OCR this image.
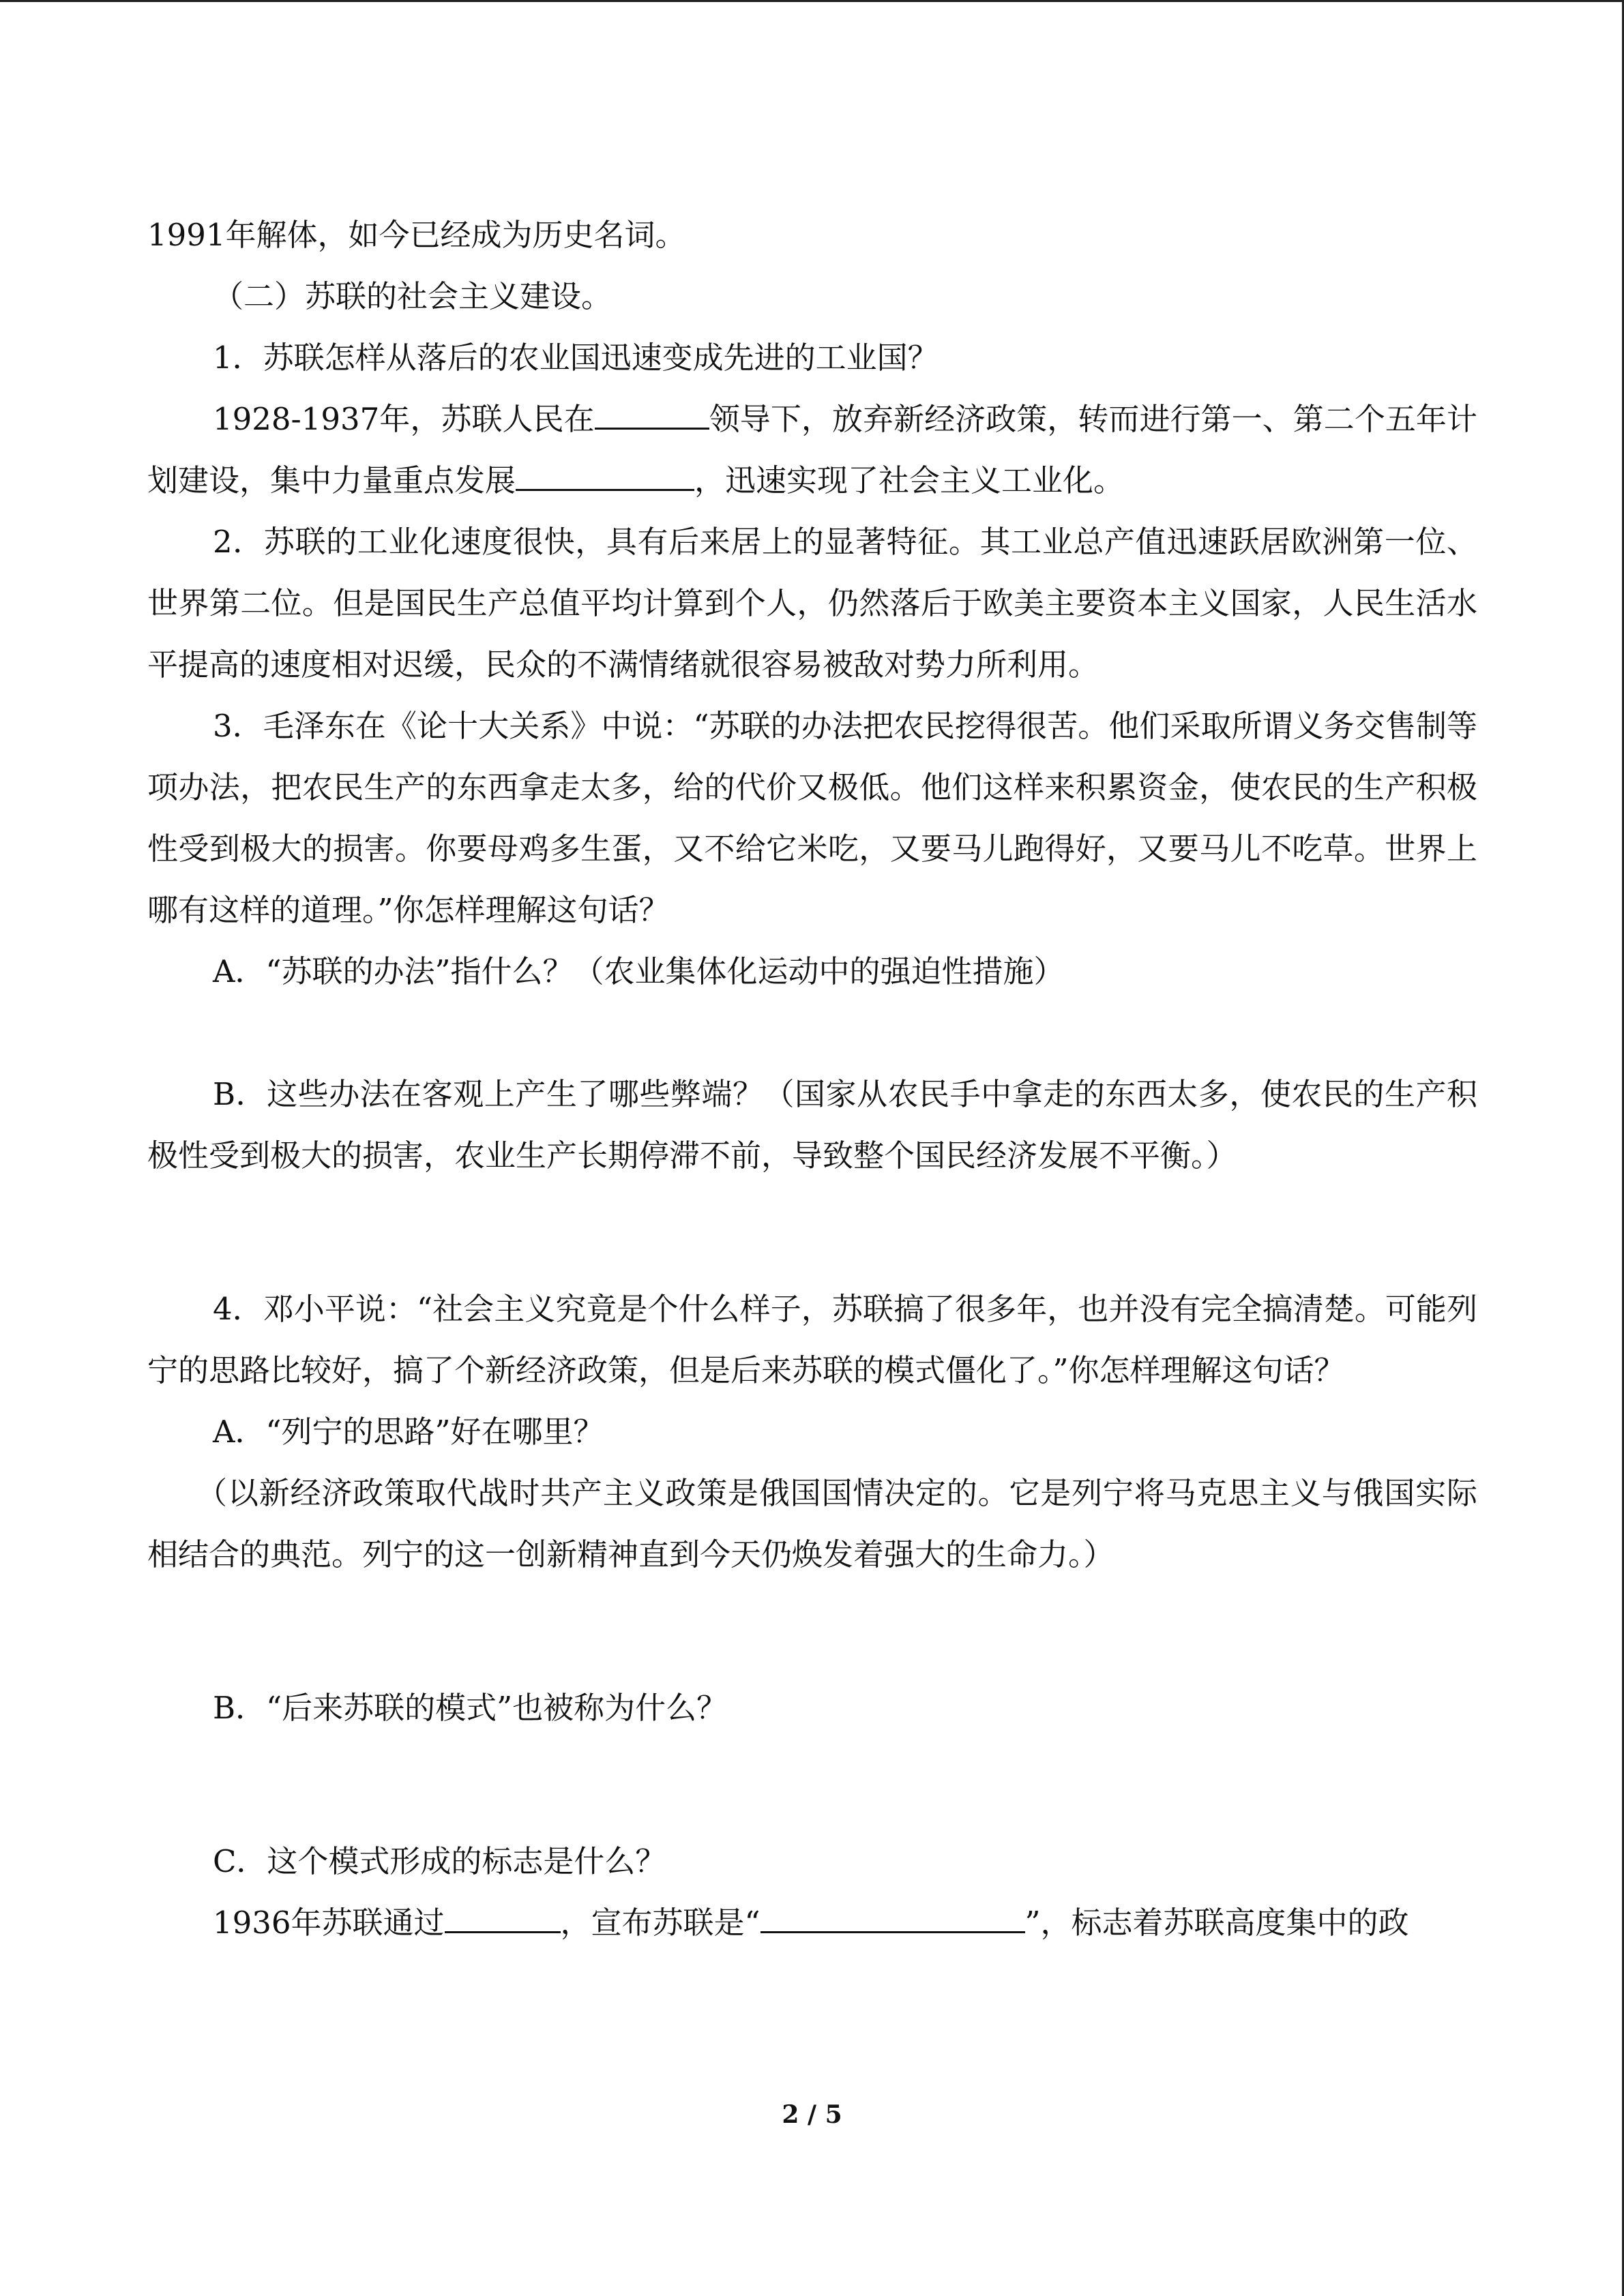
1991年解体，如今已经成为历史名词。

（二）苏联的社会主义建设。

1．苏联怎样从落后的农业国迅速变成先进的工业国？

1928-1937年，苏联人民在	领导下，放弃新经济政策，转而进行第一、第二个五年计划建设，集中力量重点发展	，迅速实现了社会主义工业化。

2．苏联的工业化速度很快，具有后来居上的显著特征。其工业总产值迅速跃居欧洲第一位、世界第二位。但是国民生产总值平均计算到个人，仍然落后于欧美主要资本主义国家，人民生活水平提高的速度相对迟缓，民众的不满情绪就很容易被敌对势力所利用。

3．毛泽东在《论十大关系》中说：“苏联的办法把农民挖得很苦。他们采取所谓义务交售制等项办法，把农民生产的东西拿走太多，给的代价又极低。他们这样来积累资金，使农民的生产积极性受到极大的损害。你要母鸡多生蛋，又不给它米吃，又要马儿跑得好，又要马儿不吃草。世界上哪有这样的道理。”你怎样理解这句话？

A．“苏联的办法”指什么？（农业集体化运动中的强迫性措施）

B．这些办法在客观上产生了哪些弊端？（国家从农民手中拿走的东西太多，使农民的生产积极性受到极大的损害，农业生产长期停滞不前，导致整个国民经济发展不平衡。）

4．邓小平说：“社会主义究竟是个什么样子，苏联搞了很多年，也并没有完全搞清楚。可能列宁的思路比较好，搞了个新经济政策，但是后来苏联的模式僵化了。”你怎样理解这句话？

A．“列宁的思路”好在哪里？

（以新经济政策取代战时共产主义政策是俄国国情决定的。它是列宁将马克思主义与俄国实际相结合的典范。列宁的这一创新精神直到今天仍焕发着强大的生命力。）

B．“后来苏联的模式”也被称为什么？

C．这个模式形成的标志是什么？

1936年苏联通过	，宣布苏联是“	”，标志着苏联高度集中的政

2 / 5
